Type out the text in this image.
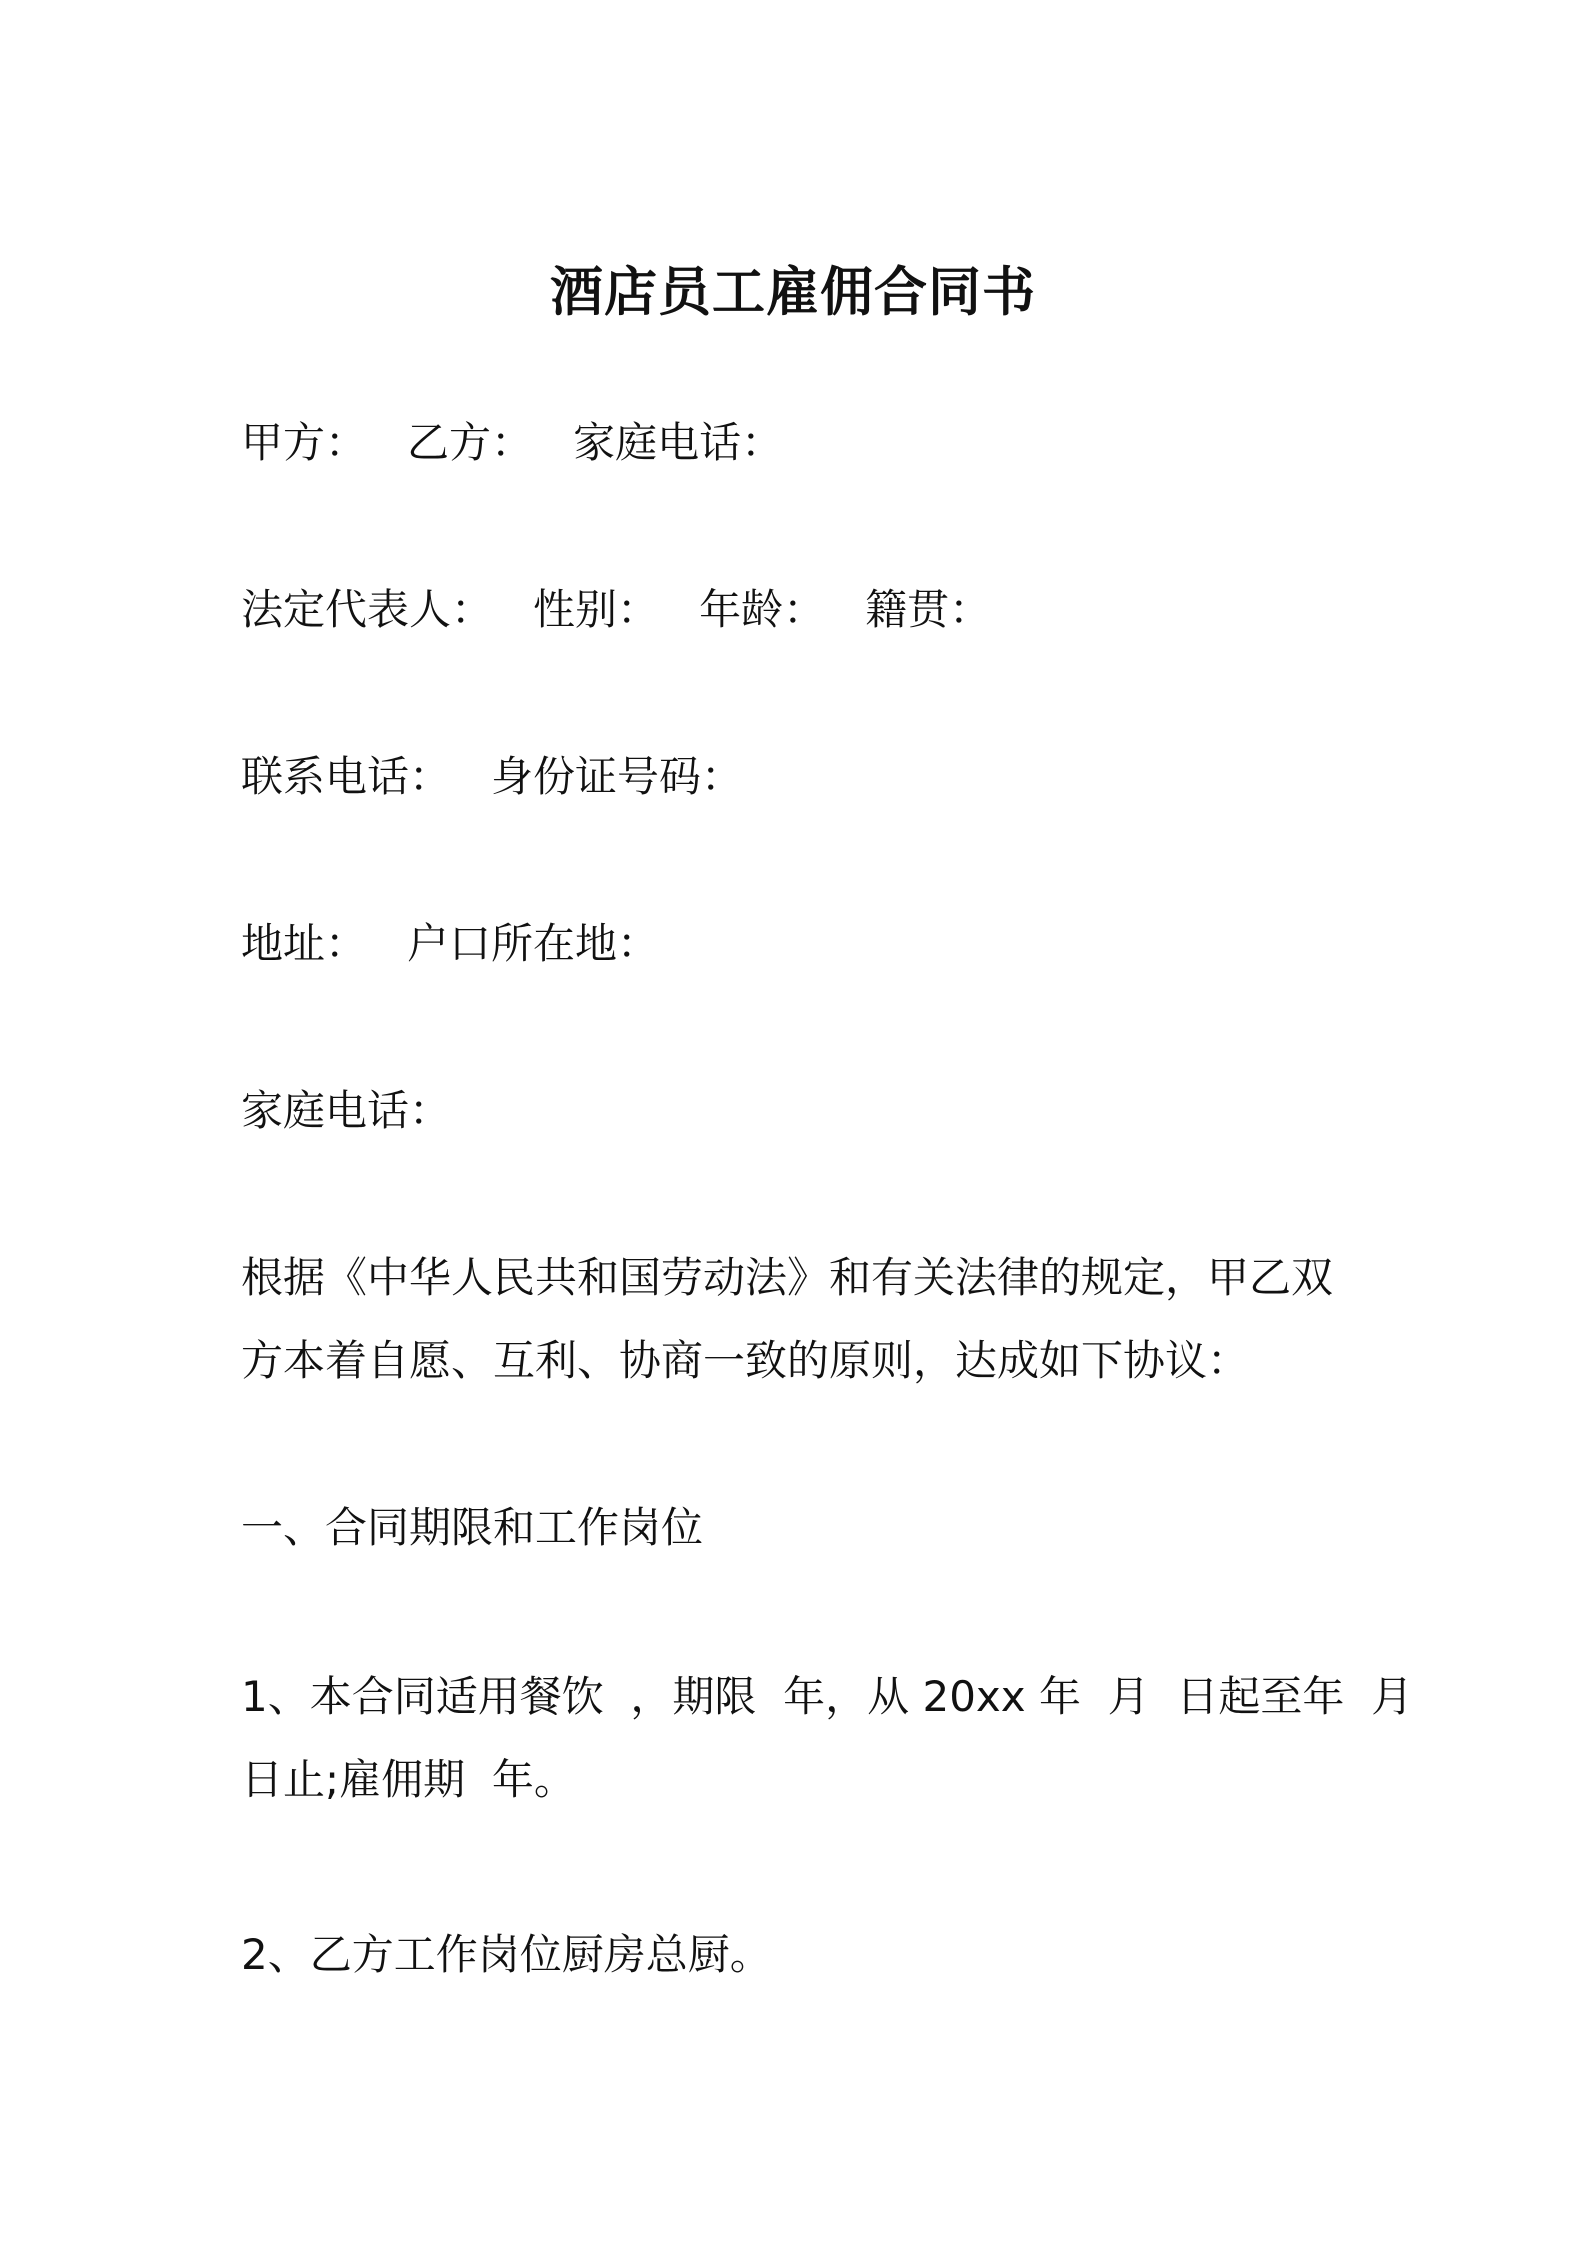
酒店员工雇佣合同书
甲方：   乙方：   家庭电话：
法定代表人：   性别：   年龄：   籍贯：
联系电话：   身份证号码：
地址：   户口所在地：
家庭电话：
根据《中华人民共和国劳动法》和有关法律的规定，甲乙双
方本着自愿、互利、协商一致的原则，达成如下协议：
一、合同期限和工作岗位
1、本合同适用餐饮  ，期限  年，从 20xx 年  月  日起至年  月
日止;雇佣期  年。
2、乙方工作岗位厨房总厨。
